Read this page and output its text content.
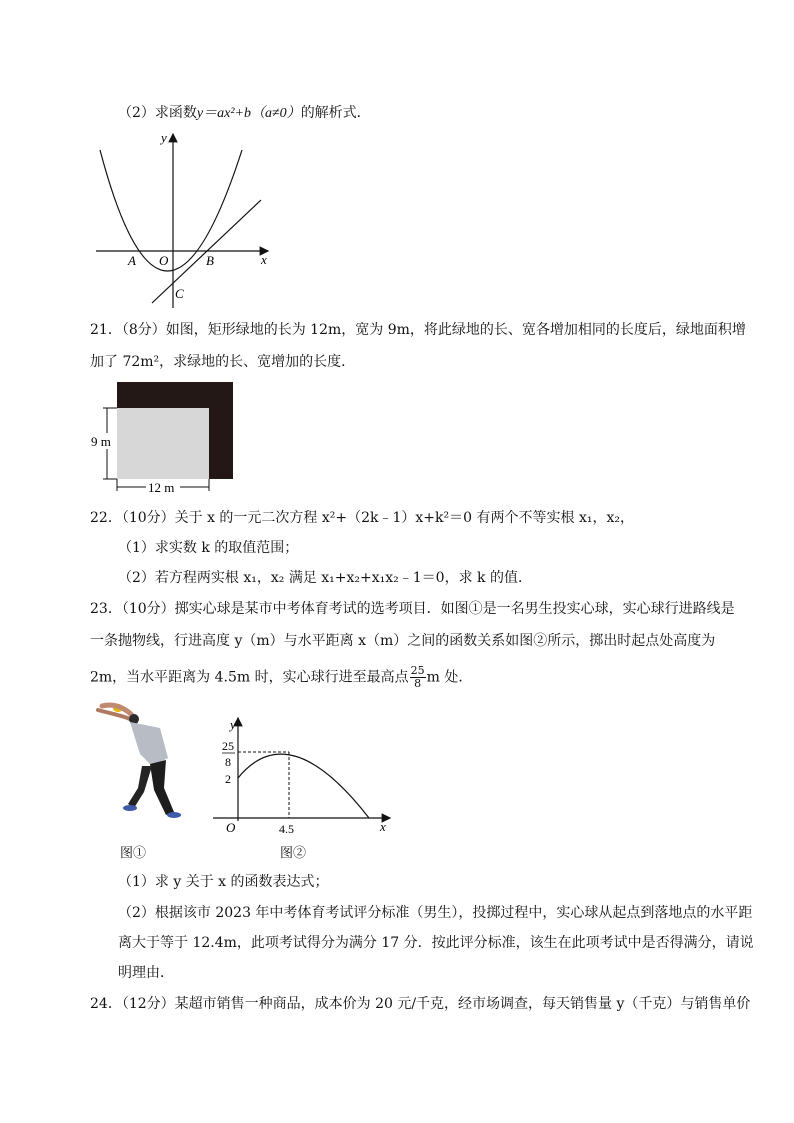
（2）求函数y＝ax²+b（a≠0）的解析式．
y
x
A O	B
C
21．（8分）如图，矩形绿地的长为 12m，宽为 9m，将此绿地的长、宽各增加相同的长度后，绿地面积增
加了 72m²，求绿地的长、宽增加的长度．
9 m
12 m
22．（10分）关于 x 的一元二次方程 x²+（2k﹣1）x+k²＝0 有两个不等实根 x₁，x₂，
（1）求实数 k 的取值范围；
（2）若方程两实根 x₁，x₂ 满足 x₁+x₂+x₁x₂﹣1＝0，求 k 的值．
23．（10分）掷实心球是某市中考体育考试的选考项目．如图①是一名男生投实心球，实心球行进路线是
一条抛物线，行进高度 y（m）与水平距离 x（m）之间的函数关系如图②所示，掷出时起点处高度为
2m，当水平距离为 4.5m 时，实心球行进至最高点 $\frac{25}{8}$ m 处．
图①
y
x
O	4.5
25
8
2
图②
（1）求 y 关于 x 的函数表达式；
（2）根据该市 2023 年中考体育考试评分标准（男生），投掷过程中，实心球从起点到落地点的水平距
离大于等于 12.4m，此项考试得分为满分 17 分．按此评分标准，该生在此项考试中是否得满分，请说
明理由．
24．（12分）某超市销售一种商品，成本价为 20 元/千克，经市场调查，每天销售量 y（千克）与销售单价
